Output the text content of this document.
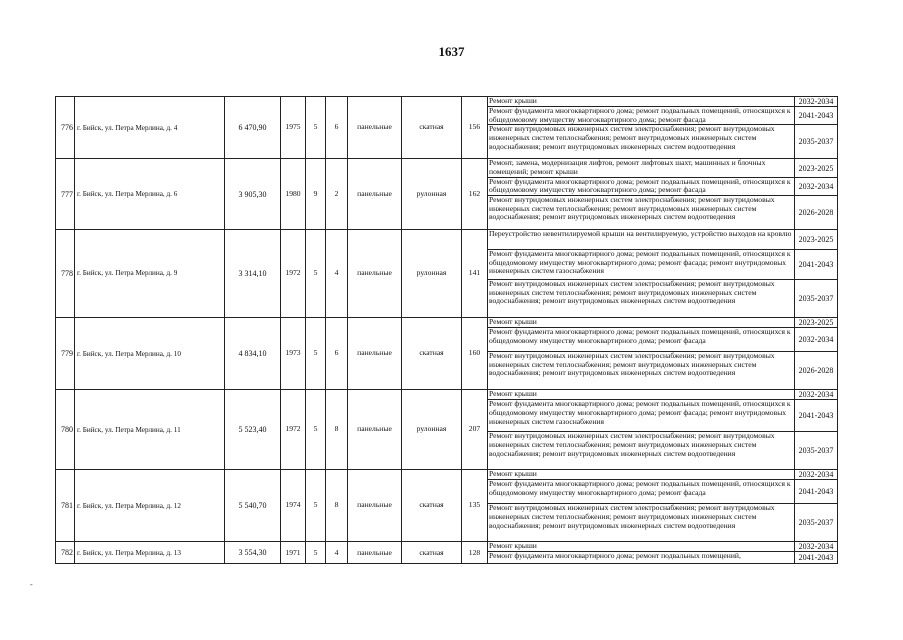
1637
776	г. Бийск, ул. Петра Мерлина, д. 4	6 470,90	1975	5	6	панельные	скатная	156	Ремонт крыши	2032-2034
									Ремонт фундамента многоквартирного дома; ремонт подвальных помещений, относящихся к общедомовому имуществу многоквартирного дома; ремонт фасада	2041-2043
									Ремонт внутридомовых инженерных систем электроснабжения; ремонт внутридомовых инженерных систем теплоснабжения; ремонт внутридомовых инженерных систем водоснабжения; ремонт внутридомовых инженерных систем водоотведения	2035-2037
777	г. Бийск, ул. Петра Мерлина, д. 6	3 905,30	1980	9	2	панельные	рулонная	162	Ремонт, замена, модернизация лифтов, ремонт лифтовых шахт, машинных и блочных помещений; ремонт крыши	2023-2025
									Ремонт фундамента многоквартирного дома; ремонт подвальных помещений, относящихся к общедомовому имуществу многоквартирного дома; ремонт фасада	2032-2034
									Ремонт внутридомовых инженерных систем электроснабжения; ремонт внутридомовых инженерных систем теплоснабжения; ремонт внутридомовых инженерных систем водоснабжения; ремонт внутридомовых инженерных систем водоотведения	2026-2028
778	г. Бийск, ул. Петра Мерлина, д. 9	3 314,10	1972	5	4	панельные	рулонная	141	Переустройство невентилируемой крыши на вентилируемую, устройство выходов на кровлю	2023-2025
									Ремонт фундамента многоквартирного дома; ремонт подвальных помещений, относящихся к общедомовому имуществу многоквартирного дома; ремонт фасада; ремонт внутридомовых инженерных систем газоснабжения	2041-2043
									Ремонт внутридомовых инженерных систем электроснабжения; ремонт внутридомовых инженерных систем теплоснабжения; ремонт внутридомовых инженерных систем водоснабжения; ремонт внутридомовых инженерных систем водоотведения	2035-2037
779	г. Бийск, ул. Петра Мерлина, д. 10	4 834,10	1973	5	6	панельные	скатная	160	Ремонт крыши	2023-2025
									Ремонт фундамента многоквартирного дома; ремонт подвальных помещений, относящихся к общедомовому имуществу многоквартирного дома; ремонт фасада	2032-2034
									Ремонт внутридомовых инженерных систем электроснабжения; ремонт внутридомовых инженерных систем теплоснабжения; ремонт внутридомовых инженерных систем водоснабжения; ремонт внутридомовых инженерных систем водоотведения	2026-2028
780	г. Бийск, ул. Петра Мерлина, д. 11	5 523,40	1972	5	8	панельные	рулонная	207	Ремонт крыши	2032-2034
									Ремонт фундамента многоквартирного дома; ремонт подвальных помещений, относящихся к общедомовому имуществу многоквартирного дома; ремонт фасада; ремонт внутридомовых инженерных систем газоснабжения	2041-2043
									Ремонт внутридомовых инженерных систем электроснабжения; ремонт внутридомовых инженерных систем теплоснабжения; ремонт внутридомовых инженерных систем водоснабжения; ремонт внутридомовых инженерных систем водоотведения	2035-2037
781	г. Бийск, ул. Петра Мерлина, д. 12	5 540,70	1974	5	8	панельные	скатная	135	Ремонт крыши	2032-2034
									Ремонт фундамента многоквартирного дома; ремонт подвальных помещений, относящихся к общедомовому имуществу многоквартирного дома; ремонт фасада	2041-2043
									Ремонт внутридомовых инженерных систем электроснабжения; ремонт внутридомовых инженерных систем теплоснабжения; ремонт внутридомовых инженерных систем водоснабжения; ремонт внутридомовых инженерных систем водоотведения	2035-2037
782	г. Бийск, ул. Петра Мерлина, д. 13	3 554,30	1971	5	4	панельные	скатная	128	Ремонт крыши	2032-2034
									Ремонт фундамента многоквартирного дома; ремонт подвальных помещений,	2041-2043
-
